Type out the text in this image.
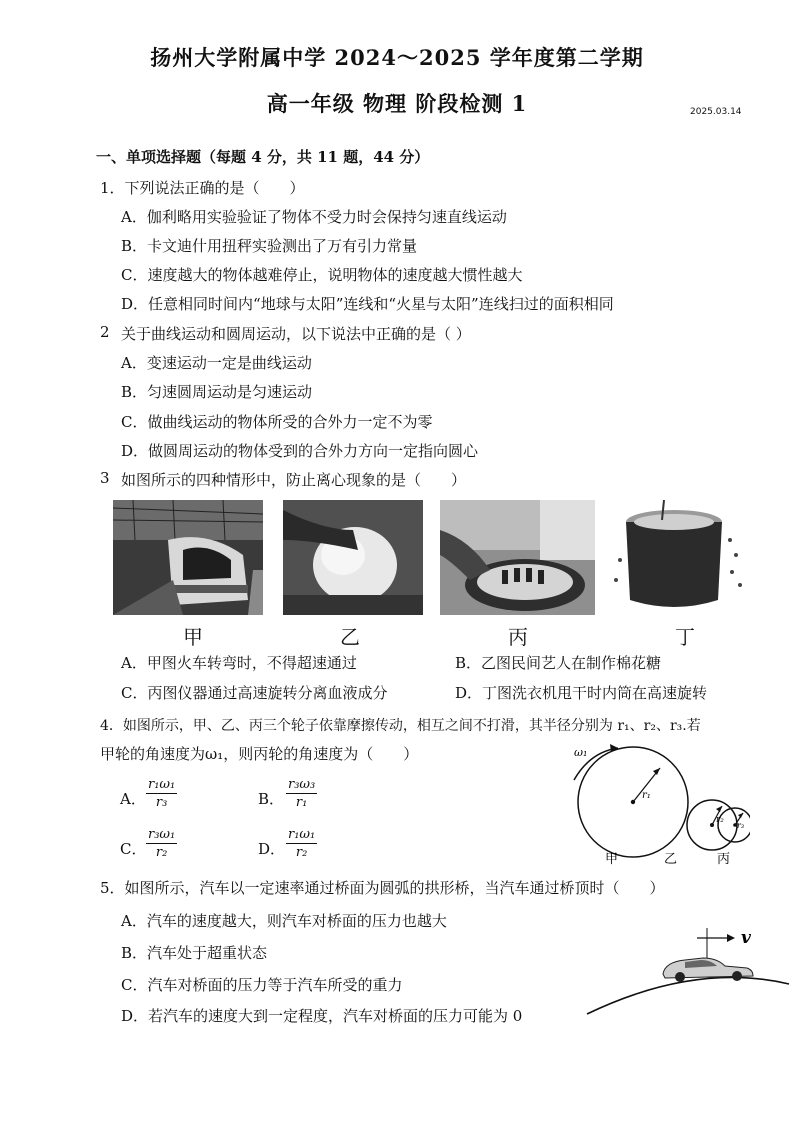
扬州大学附属中学 2024～2025 学年度第二学期
高一年级 物理 阶段检测 1	2025.03.14
一、单项选择题（每题 4 分，共 11 题，44 分）
1．下列说法正确的是（　　）
A．伽利略用实验验证了物体不受力时会保持匀速直线运动
B．卡文迪什用扭秤实验测出了万有引力常量
C．速度越大的物体越难停止，说明物体的速度越大惯性越大
D．任意相同时间内“地球与太阳”连线和“火星与太阳”连线扫过的面积相同
2 关于曲线运动和圆周运动，以下说法中正确的是（ ）
A．变速运动一定是曲线运动
B．匀速圆周运动是匀速运动
C．做曲线运动的物体所受的合外力一定不为零
D．做圆周运动的物体受到的合外力方向一定指向圆心
3 如图所示的四种情形中，防止离心现象的是（　　）
甲	乙	丙	丁
A．甲图火车转弯时，不得超速通过	B．乙图民间艺人在制作棉花糖
C．丙图仪器通过高速旋转分离血液成分	D．丁图洗衣机甩干时内筒在高速旋转
4．如图所示，甲、乙、丙三个轮子依靠摩擦传动，相互之间不打滑，其半径分别为 r₁、r₂、r₃.若
甲轮的角速度为ω₁，则丙轮的角速度为（　　）
A． $\frac{\text{r₁ω₁}}{\text{r₃}}$	B． $\frac{\text{r₃ω₃}}{\text{r₁}}$
C． $\frac{\text{r₃ω₁}}{\text{r₂}}$	D． $\frac{\text{r₁ω₁}}{\text{r₂}}$
ω₁
r₁
r₂
r₃
甲	乙	丙
5．如图所示，汽车以一定速率通过桥面为圆弧的拱形桥，当汽车通过桥顶时（　　）
A．汽车的速度越大，则汽车对桥面的压力也越大
B．汽车处于超重状态
C．汽车对桥面的压力等于汽车所受的重力
D．若汽车的速度大到一定程度，汽车对桥面的压力可能为 0
v
